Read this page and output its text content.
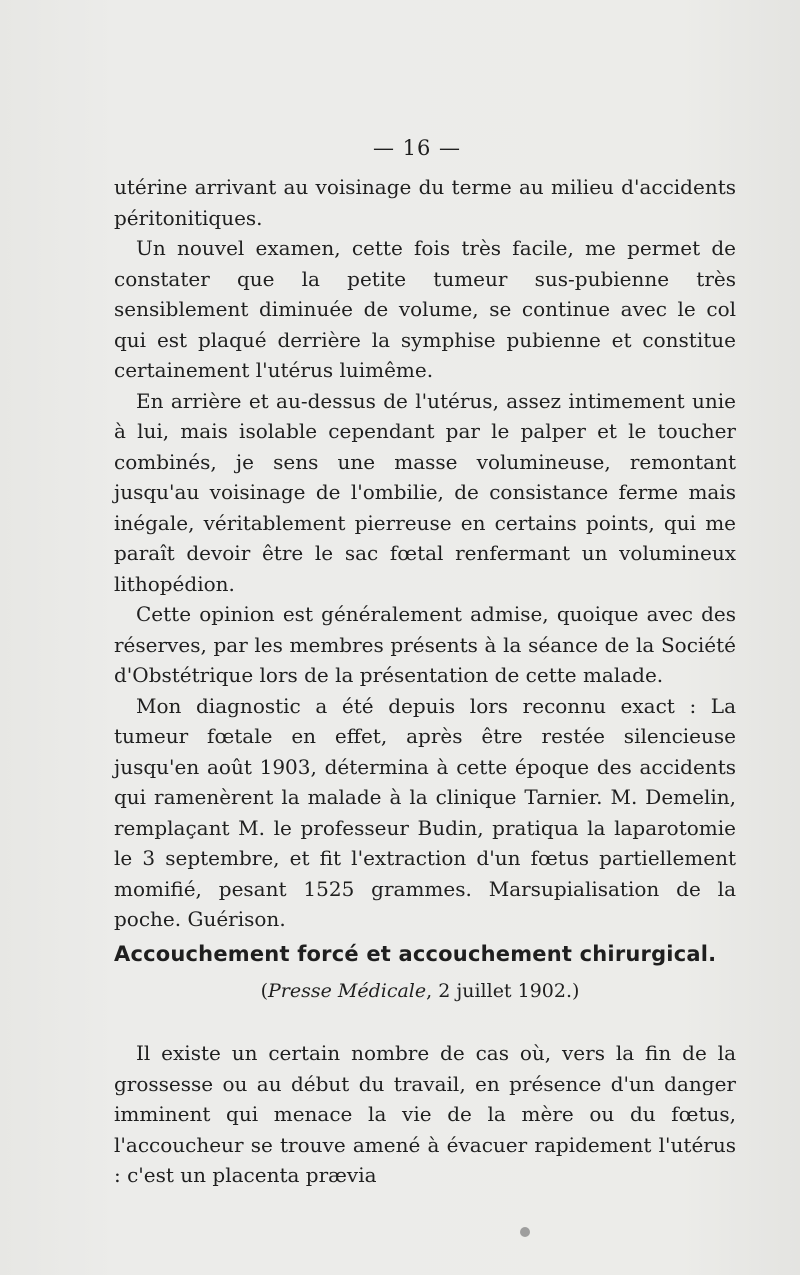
— 16 —

utérine arrivant au voisinage du terme au milieu d'accidents péritonitiques.

Un nouvel examen, cette fois très facile, me permet de constater que la petite tumeur sus-pubienne très sensiblement diminuée de volume, se continue avec le col qui est plaqué derrière la symphise pubienne et constitue certainement l'utérus luimême.

En arrière et au-dessus de l'utérus, assez intimement unie à lui, mais isolable cependant par le palper et le toucher combinés, je sens une masse volumineuse, remontant jusqu'au voisinage de l'ombilie, de consistance ferme mais inégale, véritablement pierreuse en certains points, qui me paraît devoir être le sac fœtal renfermant un volumineux lithopédion.

Cette opinion est généralement admise, quoique avec des réserves, par les membres présents à la séance de la Société d'Obstétrique lors de la présentation de cette malade.

Mon diagnostic a été depuis lors reconnu exact : La tumeur fœtale en effet, après être restée silencieuse jusqu'en août 1903, détermina à cette époque des accidents qui ramenèrent la malade à la clinique Tarnier. M. Demelin, remplaçant M. le professeur Budin, pratiqua la laparotomie le 3 septembre, et fit l'extraction d'un fœtus partiellement momifié, pesant 1525 grammes. Marsupialisation de la poche. Guérison.

Accouchement forcé et accouchement chirurgical.
(Presse Médicale, 2 juillet 1902.)

Il existe un certain nombre de cas où, vers la fin de la grossesse ou au début du travail, en présence d'un danger imminent qui menace la vie de la mère ou du fœtus, l'accoucheur se trouve amené à évacuer rapidement l'utérus : c'est un placenta prævia
